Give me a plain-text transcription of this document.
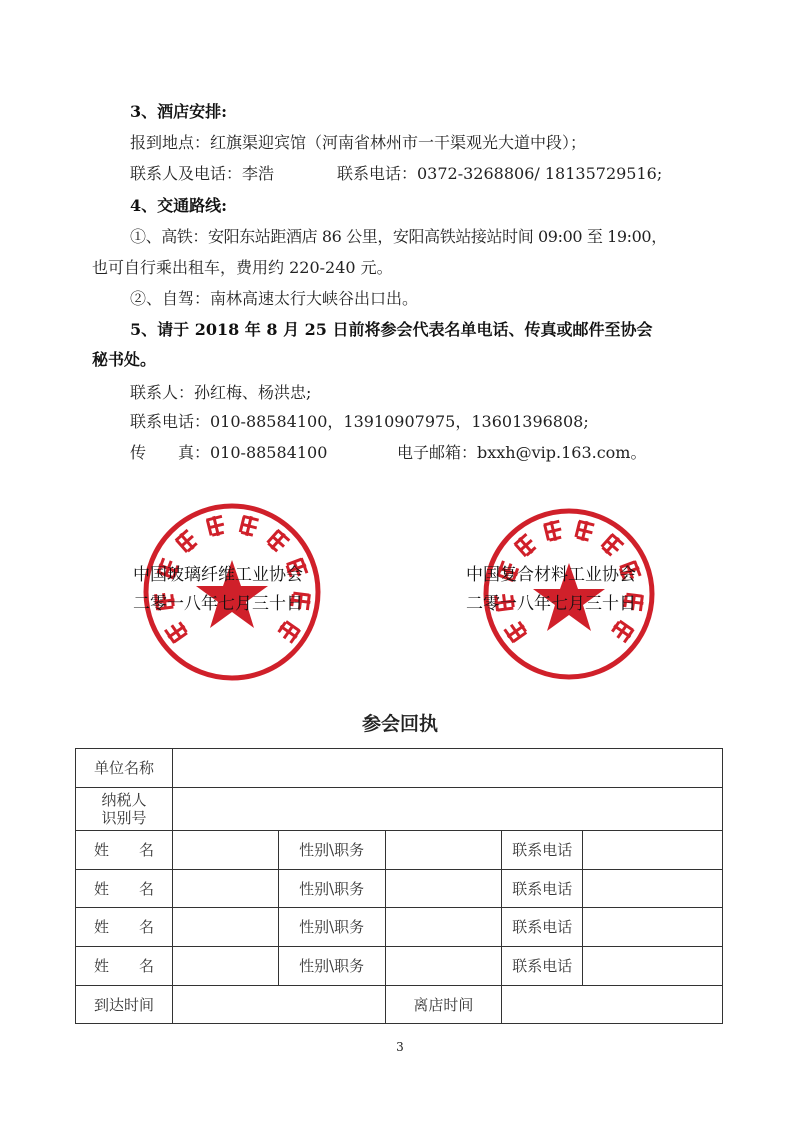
3、酒店安排:
报到地点：红旗渠迎宾馆（河南省林州市一干渠观光大道中段）；
联系人及电话：李浩	联系电话：0372-3268806/ 18135729516;
4、交通路线:
①、高铁：安阳东站距酒店 86 公里，安阳高铁站接站时间 09:00 至 19:00，
也可自行乘出租车，费用约 220-240 元。
②、自驾：南林高速太行大峡谷出口出。
5、请于 2018 年 8 月 25 日前将参会代表名单电话、传真或邮件至协会
秘书处。
联系人：孙红梅、杨洪忠;
联系电话：010-88584100，13910907975，13601396808;
传　　真：010-88584100	电子邮箱：bxxh@vip.163.com。
中国玻璃纤维工业协会
二零一八年七月三十日
中国复合材料工业协会
二零一八年七月三十日
参会回执
单位名称					

纳税人
识别号					

姓　　名		性别\职务		联系电话	
姓　　名		性别\职务		联系电话	
姓　　名		性别\职务		联系电话	
姓　　名		性别\职务		联系电话	
到达时间			离店时间		
3
